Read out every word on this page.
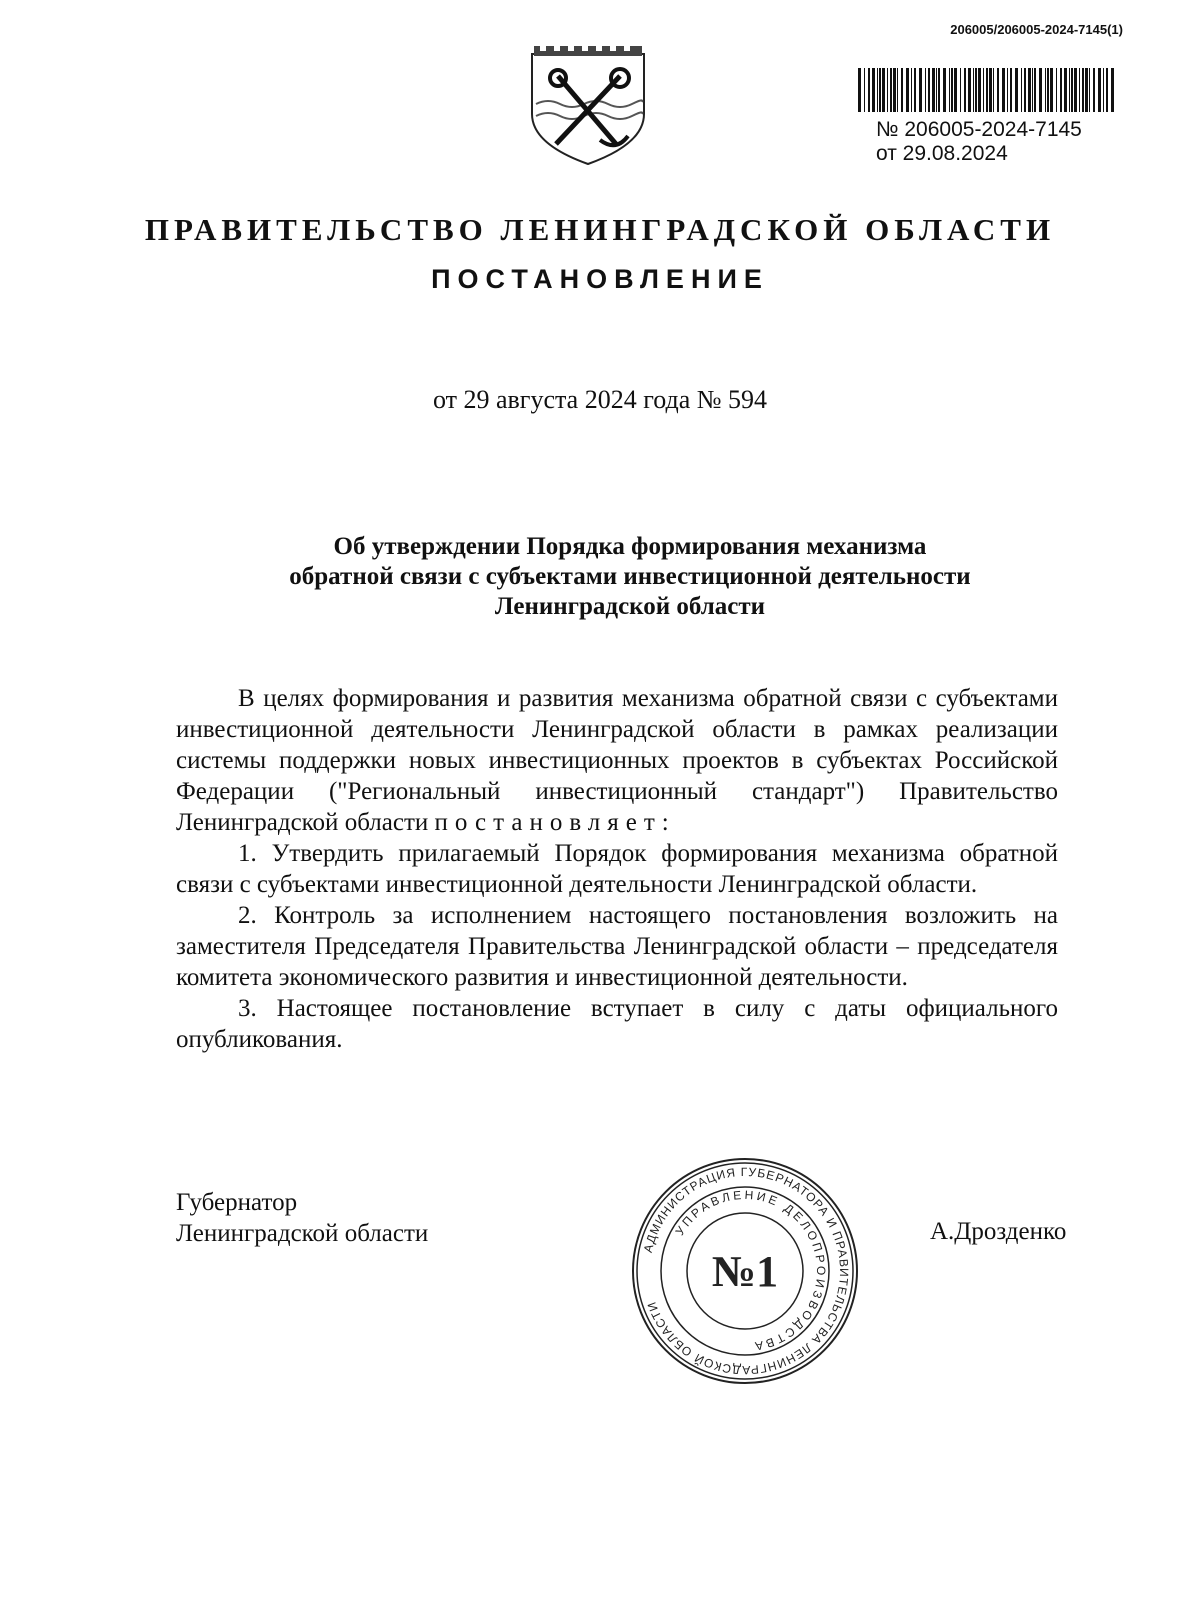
206005/206005-2024-7145(1)
№ 206005-2024-7145
от 29.08.2024
ПРАВИТЕЛЬСТВО ЛЕНИНГРАДСКОЙ ОБЛАСТИ
ПОСТАНОВЛЕНИЕ
от 29 августа 2024 года № 594
Об утверждении Порядка формирования механизма
обратной связи с субъектами инвестиционной деятельности
Ленинградской области

В целях формирования и развития механизма обратной связи с субъектами инвестиционной деятельности Ленинградской области в рамках реализации системы поддержки новых инвестиционных проектов в субъектах Российской Федерации ("Региональный инвестиционный стандарт") Правительство Ленинградской области постановляет:

1. Утвердить прилагаемый Порядок формирования механизма обратной связи с субъектами инвестиционной деятельности Ленинградской области.

2. Контроль за исполнением настоящего постановления возложить на заместителя Председателя Правительства Ленинградской области – председателя комитета экономического развития и инвестиционной деятельности.

3. Настоящее постановление вступает в силу с даты официального опубликования.

Губернатор
Ленинградской области	А.Дрозденко
АДМИНИСТРАЦИЯ ГУБЕРНАТОРА И ПРАВИТЕЛЬСТВА ЛЕНИНГРАДСКОЙ ОБЛАСТИ
УПРАВЛЕНИЕ ДЕЛОПРОИЗВОДСТВА
№1
